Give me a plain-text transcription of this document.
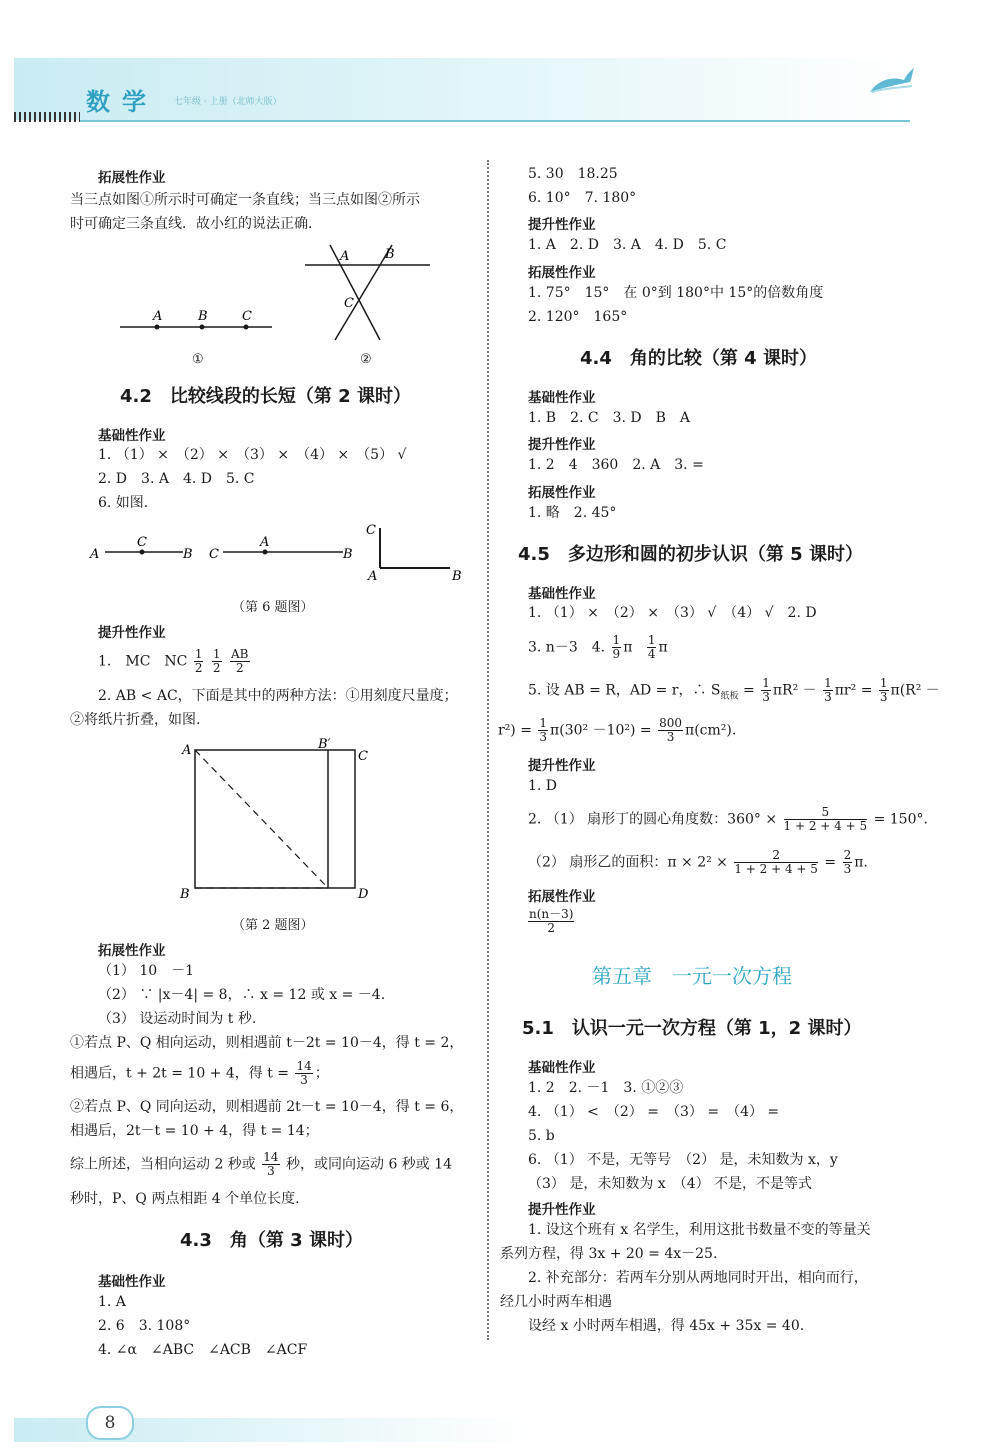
数学 七年级 · 上册（北师大版）
拓展性作业
当三点如图①所示时可确定一条直线；当三点如图②所示
时可确定三条直线．故小红的说法正确．
A	B	C
A	B
C
①	②
4.2　比较线段的长短（第 2 课时）
基础性作业
1. （1） ×　（2） ×　（3） ×　（4） ×　（5） √
2. D　3. A　4. D　5. C
6. 如图.
A
C
B C
A
B
C
A	B
（第 6 题图）
提升性作业
1.　MC　NC $\frac{1}{2}$
$\frac{1}{2}$
$\frac{AB}{2}$
2. AB < AC，下面是其中的两种方法：①用刻度尺量度；
②将纸片折叠，如图.
A	B′
C
B	D
（第 2 题图）
拓展性作业
（1） 10　－1
（2） ∵ |x－4| = 8，∴ x = 12 或 x = －4.
（3） 设运动时间为 t 秒.
①若点 P、Q 相向运动，则相遇前 t－2t = 10－4，得 t = 2，
相遇后，t + 2t = 10 + 4，得 $t = \frac{14}{3}$ ；
②若点 P、Q 同向运动，则相遇前 2t－t = 10－4，得 t = 6，
相遇后，2t－t = 10 + 4，得 t = 14；
综上所述，当相向运动 2 秒或 $\frac{14}{3}$ 秒，或同向运动 6 秒或 14
秒时，P、Q 两点相距 4 个单位长度.
4.3　角（第 3 课时）
基础性作业
1. A
2. 6　3. 108°
4. ∠α　∠ABC　∠ACB　∠ACF
5. 30　18.25
6. 10°　7. 180°
提升性作业
1. A　2. D　3. A　4. D　5. C
拓展性作业
1. 75°　15°　在 0°到 180°中 15°的倍数角度
2. 120°　165°
4.4　角的比较（第 4 课时）
基础性作业
1. B　2. C　3. D　B　A
提升性作业
1. 2　4　360　2. A　3. =
拓展性作业
1. 略　2. 45°
4.5　多边形和圆的初步认识（第 5 课时）
基础性作业
1. （1） ×　（2） ×　（3） √　（4） √　2. D
3. n－3　4. $\frac{1}{9}$ π $\frac{1}{4}$ π
5. 设 AB = R，AD = r，∴ $S_{纸板} = \frac{1}{3} \pi R^2 - \frac{1}{3} \pi r^2 = \frac{1}{3} \pi(R^2$ －
$r^2) = \frac{1}{3} \pi(30^2 -10^2) = \frac{800}{3} \pi(cm^2)$.
提升性作业
1. D
2. （1） 扇形丁的圆心角度数：$360^\circ \times \frac{5}{1 + 2 + 4 + 5} = 150^\circ$.
（2） 扇形乙的面积：$\pi \times 2^2 \times \frac{2}{1 + 2 + 4 + 5} = \frac{2}{3} \pi$.
拓展性作业
$\frac{n(n-3)}{2}$
第五章　一元一次方程
5.1　认识一元一次方程（第 1，2 课时）
基础性作业
1. 2　2. －1　3. ①②③
4. （1） <　（2） =　（3） =　（4） =
5. b
6. （1） 不是，无等号　（2） 是，未知数为 x，y
（3） 是，未知数为 x　（4） 不是，不是等式
提升性作业
1. 设这个班有 x 名学生，利用这批书数量不变的等量关
系列方程，得 3x + 20 = 4x－25.
2. 补充部分：若两车分别从两地同时开出，相向而行，
经几小时两车相遇
设经 x 小时两车相遇，得 45x + 35x = 40.
8
